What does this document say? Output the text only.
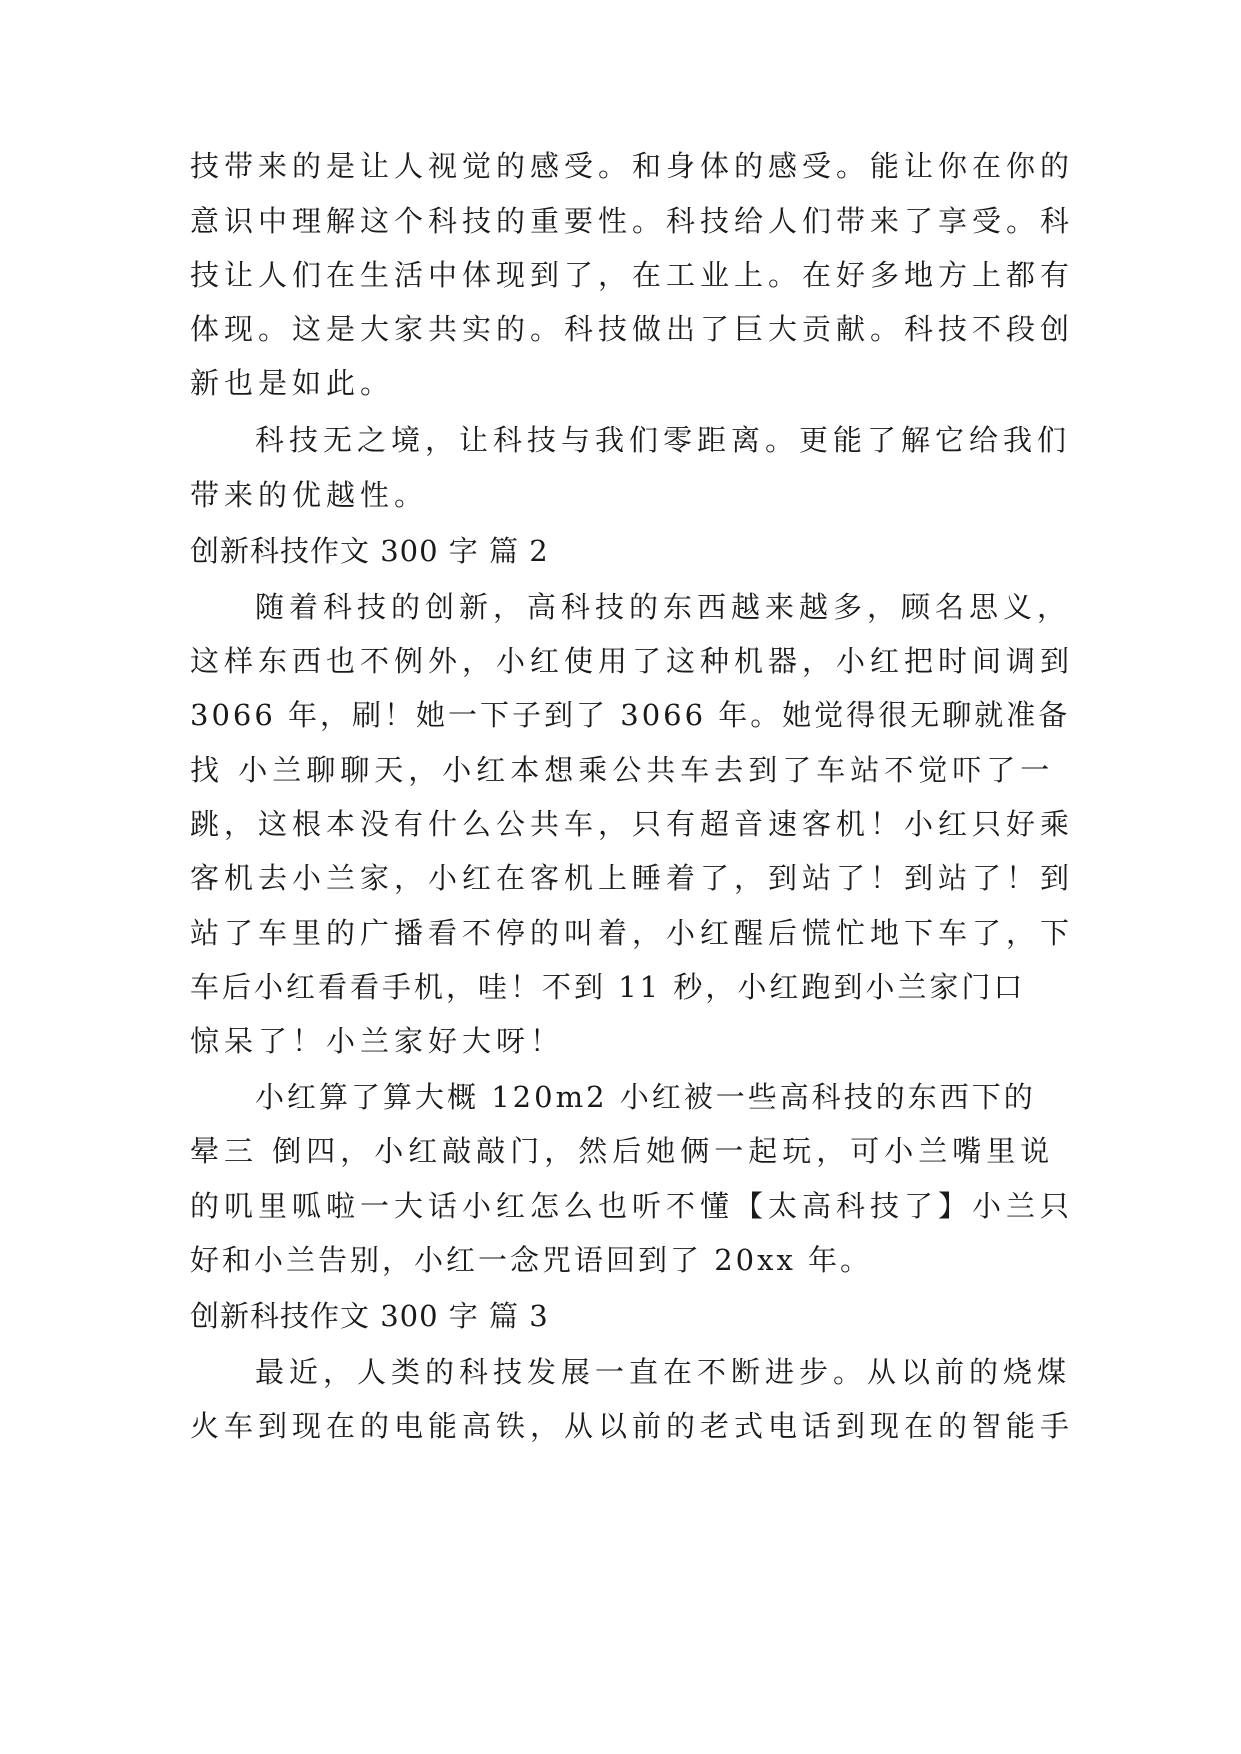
技带来的是让人视觉的感受。和身体的感受。能让你在你的
意识中理解这个科技的重要性。科技给人们带来了享受。科
技让人们在生活中体现到了，在工业上。在好多地方上都有
体现。这是大家共实的。科技做出了巨大贡献。科技不段创
新也是如此。
科技无之境，让科技与我们零距离。更能了解它给我们
带来的优越性。
创新科技作文 300 字 篇 2
随着科技的创新，高科技的东西越来越多，顾名思义，
这样东西也不例外，小红使用了这种机器，小红把时间调到
3066 年，刷！她一下子到了 3066 年。她觉得很无聊就准备
找 小兰聊聊天，小红本想乘公共车去到了车站不觉吓了一
跳，这根本没有什么公共车，只有超音速客机！小红只好乘
客机去小兰家，小红在客机上睡着了，到站了！到站了！到
站了车里的广播看不停的叫着，小红醒后慌忙地下车了，下
车后小红看看手机，哇！不到 11 秒，小红跑到小兰家门口
惊呆了！小兰家好大呀！
小红算了算大概 120m2 小红被一些高科技的东西下的
晕三 倒四，小红敲敲门，然后她俩一起玩，可小兰嘴里说
的叽里呱啦一大话小红怎么也听不懂【太高科技了】小兰只
好和小兰告别，小红一念咒语回到了 20xx 年。
创新科技作文 300 字 篇 3
最近，人类的科技发展一直在不断进步。从以前的烧煤
火车到现在的电能高铁，从以前的老式电话到现在的智能手
